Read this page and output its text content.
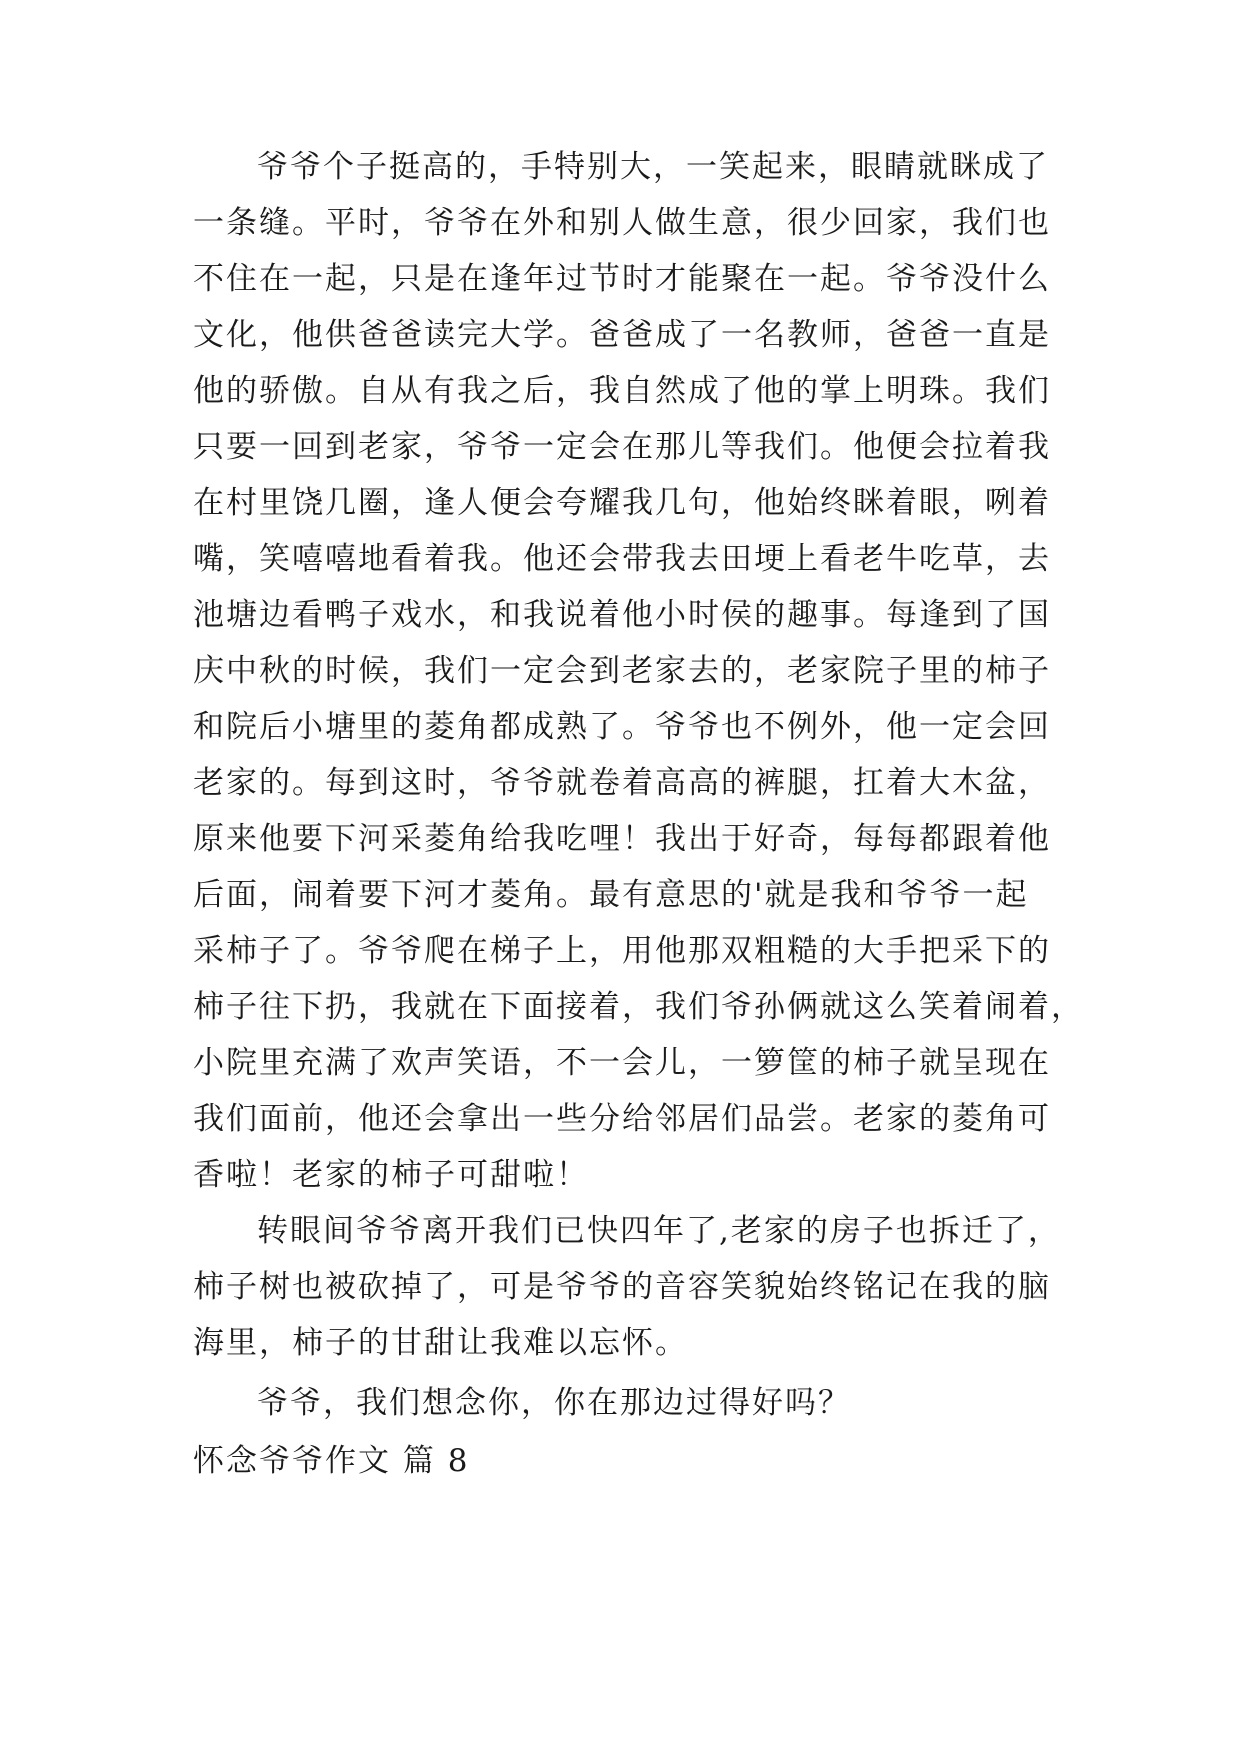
爷爷个子挺高的，手特别大，一笑起来，眼睛就眯成了
一条缝。平时，爷爷在外和别人做生意，很少回家，我们也
不住在一起，只是在逢年过节时才能聚在一起。爷爷没什么
文化，他供爸爸读完大学。爸爸成了一名教师，爸爸一直是
他的骄傲。自从有我之后，我自然成了他的掌上明珠。我们
只要一回到老家，爷爷一定会在那儿等我们。他便会拉着我
在村里饶几圈，逢人便会夸耀我几句，他始终眯着眼，咧着
嘴，笑嘻嘻地看着我。他还会带我去田埂上看老牛吃草，去
池塘边看鸭子戏水，和我说着他小时侯的趣事。每逢到了国
庆中秋的时候，我们一定会到老家去的，老家院子里的柿子
和院后小塘里的菱角都成熟了。爷爷也不例外，他一定会回
老家的。每到这时，爷爷就卷着高高的裤腿，扛着大木盆，
原来他要下河采菱角给我吃哩！我出于好奇，每每都跟着他
后面，闹着要下河才菱角。最有意思的'就是我和爷爷一起
采柿子了。爷爷爬在梯子上，用他那双粗糙的大手把采下的
柿子往下扔，我就在下面接着，我们爷孙俩就这么笑着闹着，
小院里充满了欢声笑语，不一会儿，一箩筐的柿子就呈现在
我们面前，他还会拿出一些分给邻居们品尝。老家的菱角可
香啦！老家的柿子可甜啦！
转眼间爷爷离开我们已快四年了,老家的房子也拆迁了，
柿子树也被砍掉了，可是爷爷的音容笑貌始终铭记在我的脑
海里，柿子的甘甜让我难以忘怀。
爷爷，我们想念你，你在那边过得好吗？
怀念爷爷作文 篇 8
